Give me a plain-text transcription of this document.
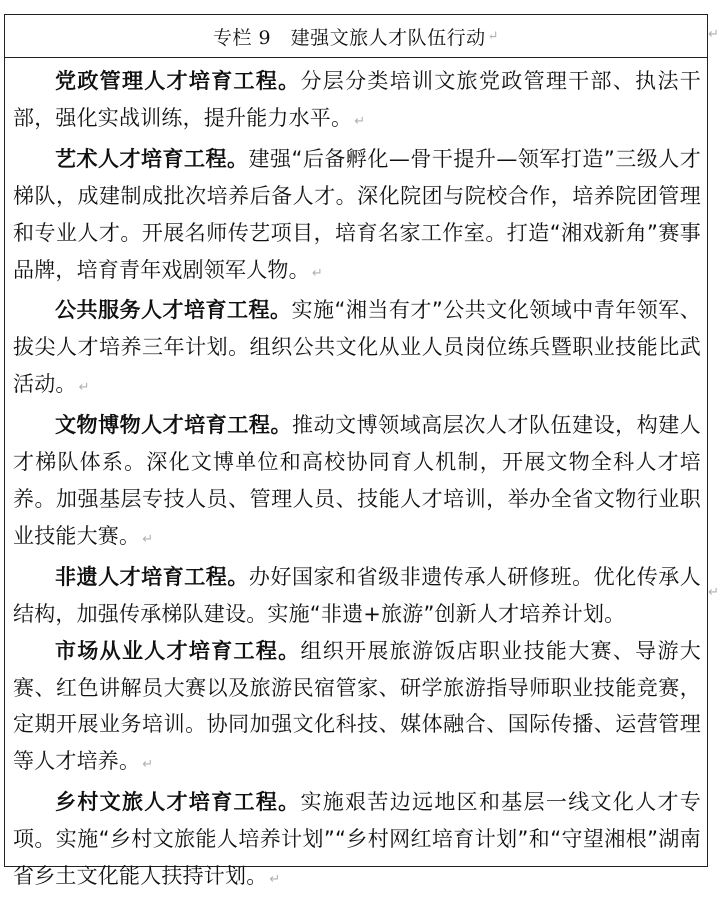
专栏 9　建强文旅人才队伍行动 ↵

党政管理人才培育工程。分层分类培训文旅党政管理干部、执法干部，强化实战训练，提升能力水平。 ↵

艺术人才培育工程。建强“后备孵化—骨干提升—领军打造”三级人才梯队，成建制成批次培养后备人才。深化院团与院校合作，培养院团管理和专业人才。开展名师传艺项目，培育名家工作室。打造“湘戏新角”赛事品牌，培育青年戏剧领军人物。 ↵

公共服务人才培育工程。实施“湘当有才”公共文化领域中青年领军、拔尖人才培养三年计划。组织公共文化从业人员岗位练兵暨职业技能比武活动。 ↵

文物博物人才培育工程。推动文博领域高层次人才队伍建设，构建人才梯队体系。深化文博单位和高校协同育人机制，开展文物全科人才培养。加强基层专技人员、管理人员、技能人才培训，举办全省文物行业职业技能大赛。 ↵

非遗人才培育工程。办好国家和省级非遗传承人研修班。优化传承人结构，加强传承梯队建设。实施“非遗+旅游”创新人才培养计划。

市场从业人才培育工程。组织开展旅游饭店职业技能大赛、导游大赛、红色讲解员大赛以及旅游民宿管家、研学旅游指导师职业技能竞赛，定期开展业务培训。协同加强文化科技、媒体融合、国际传播、运营管理等人才培养。 ↵

乡村文旅人才培育工程。实施艰苦边远地区和基层一线文化人才专项。实施“乡村文旅能人培养计划”“乡村网红培育计划”和“守望湘根”湖南省乡土文化能人扶持计划。 ↵

↵
↵
